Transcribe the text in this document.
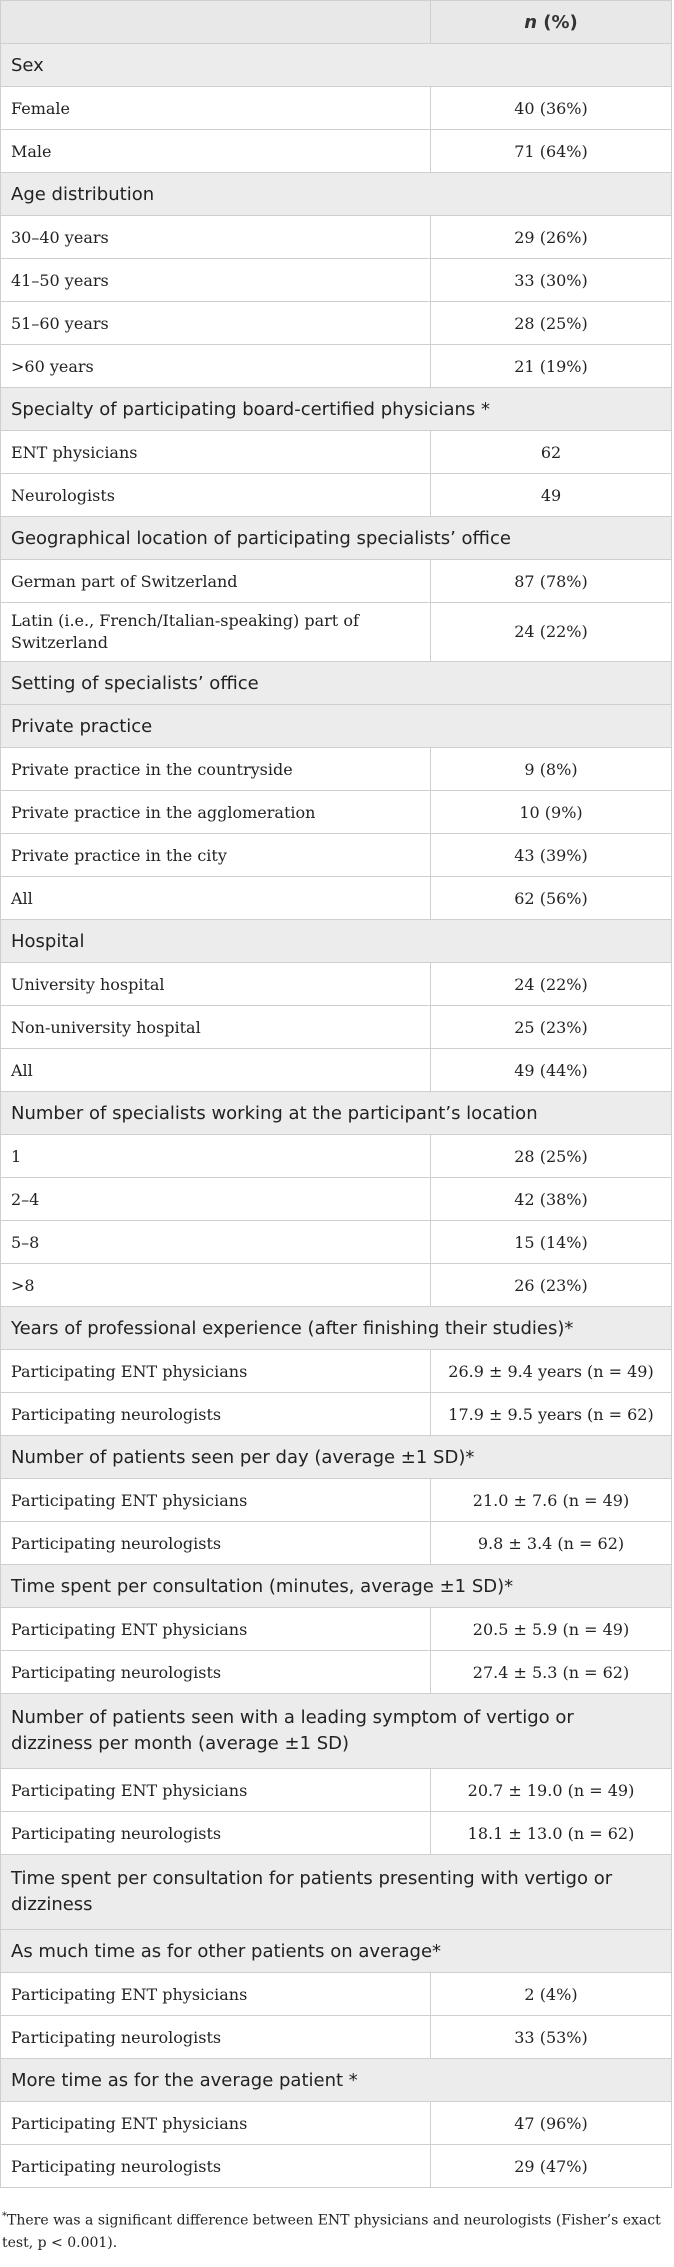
	n (%)
Sex	
Female	40 (36%)
Male	71 (64%)
Age distribution	
30–40 years	29 (26%)
41–50 years	33 (30%)
51–60 years	28 (25%)
>60 years	21 (19%)
Specialty of participating board-certified physicians *	
ENT physicians	62
Neurologists	49
Geographical location of participating specialists’ office	
German part of Switzerland	87 (78%)
Latin (i.e., French/Italian-speaking) part of Switzerland	24 (22%)
Setting of specialists’ office	
Private practice	
Private practice in the countryside	9 (8%)
Private practice in the agglomeration	10 (9%)
Private practice in the city	43 (39%)
All	62 (56%)
Hospital	
University hospital	24 (22%)
Non-university hospital	25 (23%)
All	49 (44%)
Number of specialists working at the participant’s location	
1	28 (25%)
2–4	42 (38%)
5–8	15 (14%)
>8	26 (23%)
Years of professional experience (after finishing their studies)*	
Participating ENT physicians	26.9 ± 9.4 years (n = 49)
Participating neurologists	17.9 ± 9.5 years (n = 62)
Number of patients seen per day (average ±1 SD)*	
Participating ENT physicians	21.0 ± 7.6 (n = 49)
Participating neurologists	9.8 ± 3.4 (n = 62)
Time spent per consultation (minutes, average ±1 SD)*	
Participating ENT physicians	20.5 ± 5.9 (n = 49)
Participating neurologists	27.4 ± 5.3 (n = 62)
Number of patients seen with a leading symptom of vertigo or dizziness per month (average ±1 SD)	
Participating ENT physicians	20.7 ± 19.0 (n = 49)
Participating neurologists	18.1 ± 13.0 (n = 62)
Time spent per consultation for patients presenting with vertigo or dizziness	
As much time as for other patients on average*	
Participating ENT physicians	2 (4%)
Participating neurologists	33 (53%)
More time as for the average patient *	
Participating ENT physicians	47 (96%)
Participating neurologists	29 (47%)
*There was a significant difference between ENT physicians and neurologists (Fisher’s exact test, p < 0.001).
